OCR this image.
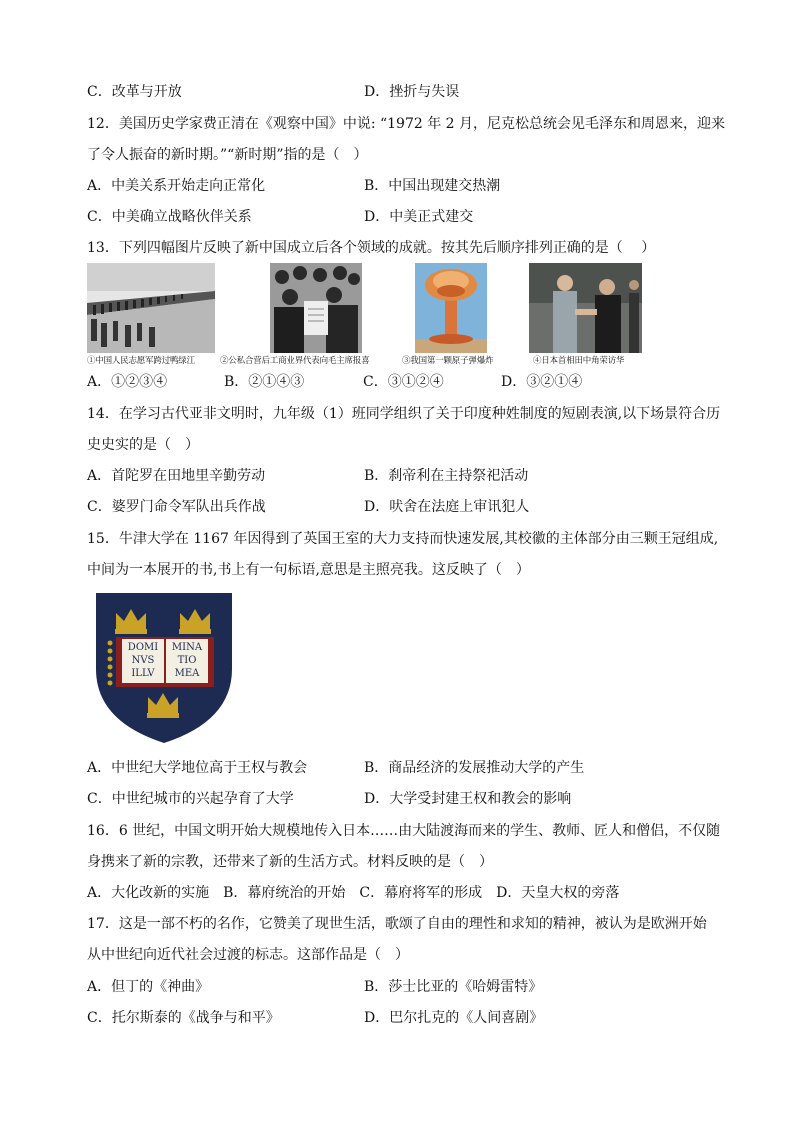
C．改革与开放	D．挫折与失误
12．美国历史学家费正清在《观察中国》中说: “1972 年 2 月，尼克松总统会见毛泽东和周恩来，迎来
了令人振奋的新时期。”“新时期”指的是（　）
A．中美关系开始走向正常化	B．中国出现建交热潮
C．中美确立战略伙伴关系	D．中美正式建交
13．下列四幅图片反映了新中国成立后各个领域的成就。按其先后顺序排列正确的是（　 ）
①中国人民志愿军跨过鸭绿江	②公私合营后工商业界代表向毛主席报喜	③我国第一颗原子弹爆炸	④日本首相田中角荣访华
A．①②③④	B．②①④③	C．③①②④	D．③②①④
14．在学习古代亚非文明时，九年级（1）班同学组织了关于印度种姓制度的短剧表演,以下场景符合历
史史实的是（　）
A．首陀罗在田地里辛勤劳动	B．刹帝利在主持祭祀活动
C．婆罗门命令军队出兵作战	D．吠舍在法庭上审讯犯人
15．牛津大学在 1167 年因得到了英国王室的大力支持而快速发展,其校徽的主体部分由三颗王冠组成,
中间为一本展开的书,书上有一句标语,意思是主照亮我。这反映了（　）
DOMI
NVS
ILLV
MINA
TIO
MEA
A．中世纪大学地位高于王权与教会	B．商品经济的发展推动大学的产生
C．中世纪城市的兴起孕育了大学	D．大学受封建王权和教会的影响
16．6 世纪，中国文明开始大规模地传入日本……由大陆渡海而来的学生、教师、匠人和僧侣，不仅随
身携来了新的宗教，还带来了新的生活方式。材料反映的是（　）
A．大化改新的实施　B．幕府统治的开始　C．幕府将军的形成　D．天皇大权的旁落
17．这是一部不朽的名作，它赞美了现世生活，歌颂了自由的理性和求知的精神，被认为是欧洲开始
从中世纪向近代社会过渡的标志。这部作品是（　）
A．但丁的《神曲》	B．莎士比亚的《哈姆雷特》
C．托尔斯泰的《战争与和平》	D．巴尔扎克的《人间喜剧》
